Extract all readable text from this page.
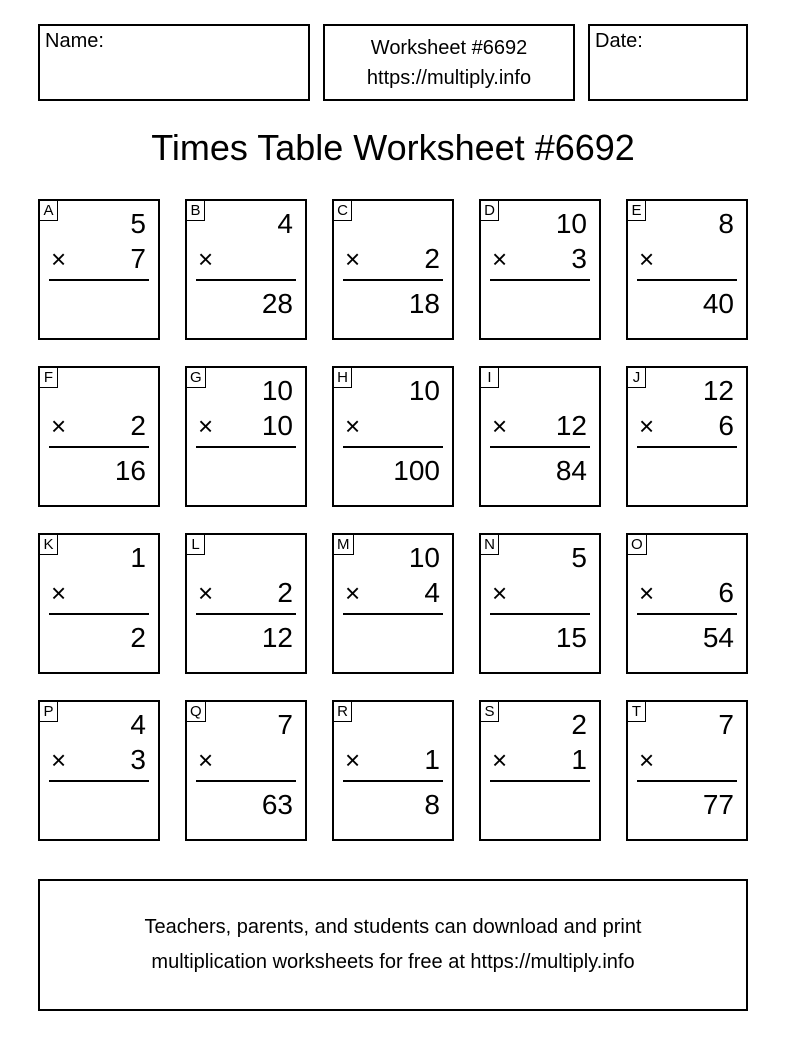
Name:	Worksheet #6692
https://multiply.info
Date:
Times Table Worksheet #6692
A	5
× 7
B	4
×
28
C
× 2
18
D 10
× 3
E	8
×
40
F
× 2
16
G 10
× 10
H 10
×
100
I
× 12
84
J 12
× 6
K	1
×
2
L
× 2
12
M 10
× 4
N	5
×
15
O
× 6
54
P	4
× 3
Q	7
×
63
R
× 1
8
S	2
× 1
T	7
×
77
Teachers, parents, and students can download and print
multiplication worksheets for free at https://multiply.info
